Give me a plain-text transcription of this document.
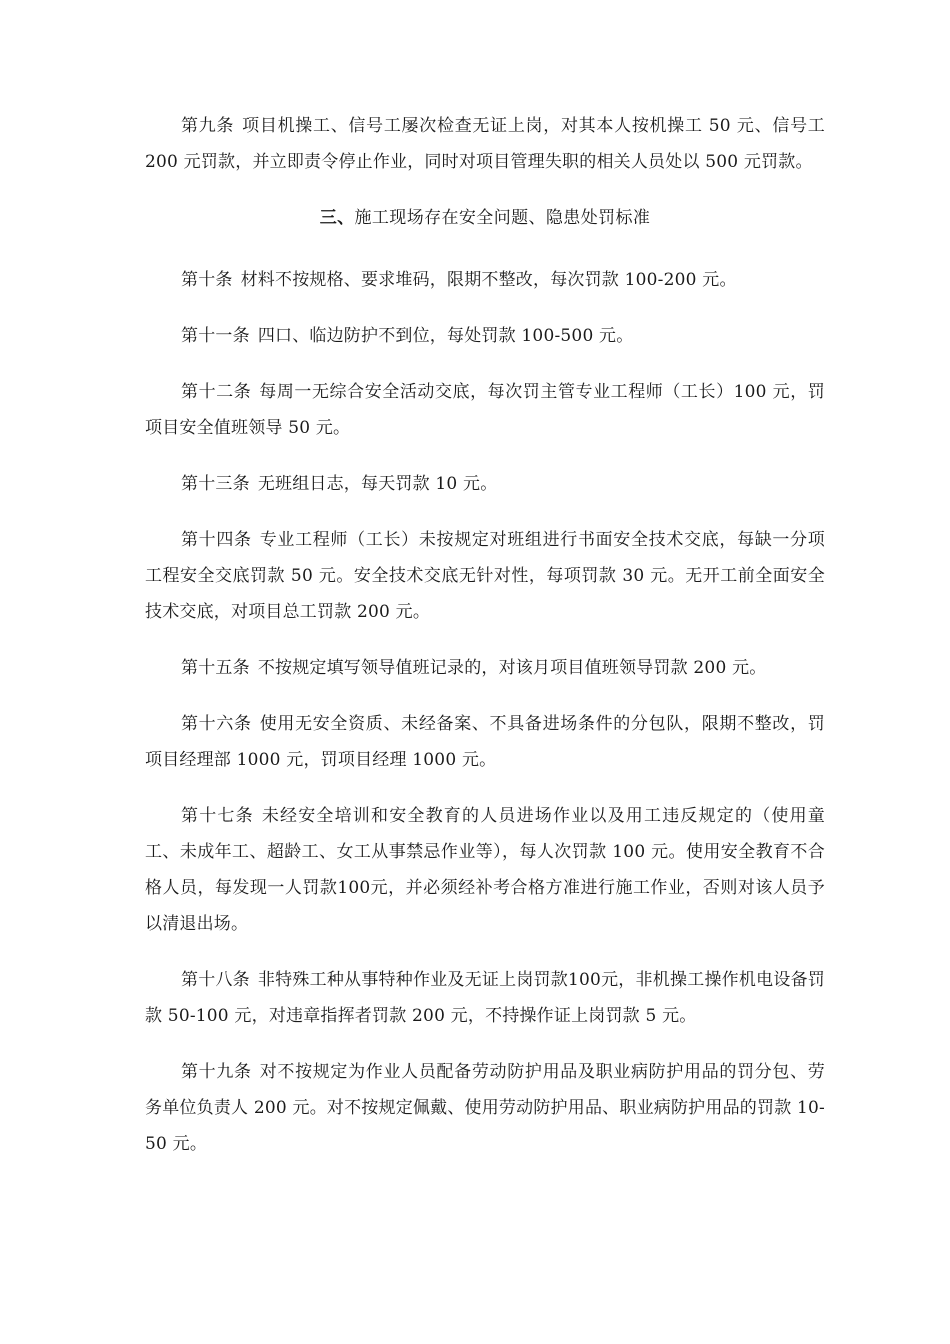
第九条 项目机操工、信号工屡次检查无证上岗，对其本人按机操工 50 元、信号工 200 元罚款，并立即责令停止作业，同时对项目管理失职的相关人员处以 500 元罚款。

三、施工现场存在安全问题、隐患处罚标准

第十条 材料不按规格、要求堆码，限期不整改，每次罚款 100-200 元。

第十一条 四口、临边防护不到位，每处罚款 100-500 元。

第十二条 每周一无综合安全活动交底，每次罚主管专业工程师（工长）100 元，罚项目安全值班领导 50 元。

第十三条 无班组日志，每天罚款 10 元。

第十四条 专业工程师（工长）未按规定对班组进行书面安全技术交底，每缺一分项工程安全交底罚款 50 元。安全技术交底无针对性，每项罚款 30 元。无开工前全面安全技术交底，对项目总工罚款 200 元。

第十五条 不按规定填写领导值班记录的，对该月项目值班领导罚款 200 元。

第十六条 使用无安全资质、未经备案、不具备进场条件的分包队，限期不整改，罚项目经理部 1000 元，罚项目经理 1000 元。

第十七条 未经安全培训和安全教育的人员进场作业以及用工违反规定的（使用童工、未成年工、超龄工、女工从事禁忌作业等），每人次罚款 100 元。使用安全教育不合格人员，每发现一人罚款100元，并必须经补考合格方准进行施工作业，否则对该人员予以清退出场。

第十八条 非特殊工种从事特种作业及无证上岗罚款100元，非机操工操作机电设备罚款 50-100 元，对违章指挥者罚款 200 元，不持操作证上岗罚款 5 元。

第十九条 对不按规定为作业人员配备劳动防护用品及职业病防护用品的罚分包、劳务单位负责人 200 元。对不按规定佩戴、使用劳动防护用品、职业病防护用品的罚款 10-50 元。
